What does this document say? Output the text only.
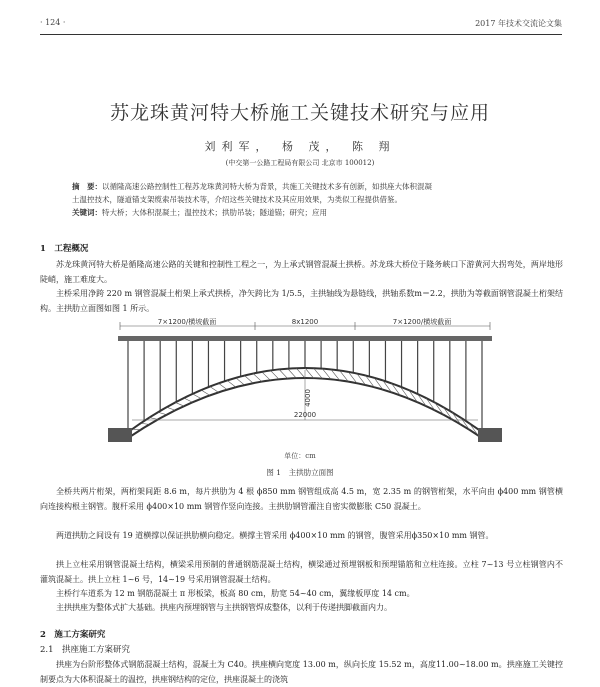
· 124 ·	2017 年技术交流论文集
苏龙珠黄河特大桥施工关键技术研究与应用
刘利军， 杨 茂， 陈 翔
(中交第一公路工程局有限公司 北京市 100012)
摘　要：以循隆高速公路控制性工程苏龙珠黄河特大桥为背景，共施工关键技术多有创新，如拱座大体积混凝
土温控技术，隧道锚支架缆索吊装技术等，介绍这些关键技术及其应用效果，为类似工程提供借鉴。
关键词：特大桥；大体积混凝土；温控技术；拱肋吊装；隧道锚；研究；应用
1　工程概况
苏龙珠黄河特大桥是循隆高速公路的关键和控制性工程之一，为上承式钢管混凝土拱桥。苏龙珠大桥位于隆务峡口下游黄河大拐弯处，两岸地形陡峭，施工难度大。
主桥采用净跨 220 m 钢管混凝土桁架上承式拱桥，净矢跨比为 1/5.5，主拱轴线为悬链线，拱轴系数m＝2.2，拱肋为等截面钢管混凝土桁架结构。主拱肋立面图如图 1 所示。
7×1200/横坡截面	8x1200	7×1200/横坡截面
4000
22000
单位：cm
图 1　主拱肋立面图
全桥共两片桁架，两桁架间距 8.6 m，每片拱肋为 4 根 ϕ850 mm 钢管组成高 4.5 m，宽 2.35 m 的钢管桁架，水平向由 ϕ400 mm 钢管横向连接构根主钢管。腹杆采用 ϕ400×10 mm 钢管作竖向连接。主拱肋钢管灌注自密实微膨胀 C50 混凝土。
两道拱肋之间设有 19 道横撑以保证拱肋横向稳定。横撑主管采用 ϕ400×10 mm 的钢管，腹管采用ϕ350×10 mm 钢管。
拱上立柱采用钢管混凝土结构，横梁采用预制的普通钢筋混凝土结构，横梁通过预埋钢板和预埋锚筋和立柱连接。立柱 7~13 号立柱钢管内不灌筑混凝土。拱上立柱 1~6 号，14~19 号采用钢管混凝土结构。
主桥行车道系为 12 m 钢筋混凝土 π 形板梁，板高 80 cm，肋宽 54~40 cm，翼缘板厚度 14 cm。
主拱拱座为整体式扩大基础。拱座内预埋钢管与主拱钢管焊成整体，以利于传递拱脚截面内力。
2　施工方案研究
2.1　拱座施工方案研究
拱座为台阶形整体式钢筋混凝土结构，混凝土为 C40。拱座横向宽度 13.00 m，纵向长度 15.52 m，高度11.00~18.00 m。拱座施工关键控制要点为大体积混凝土的温控，拱座钢结构的定位，拱座混凝土的浇筑
